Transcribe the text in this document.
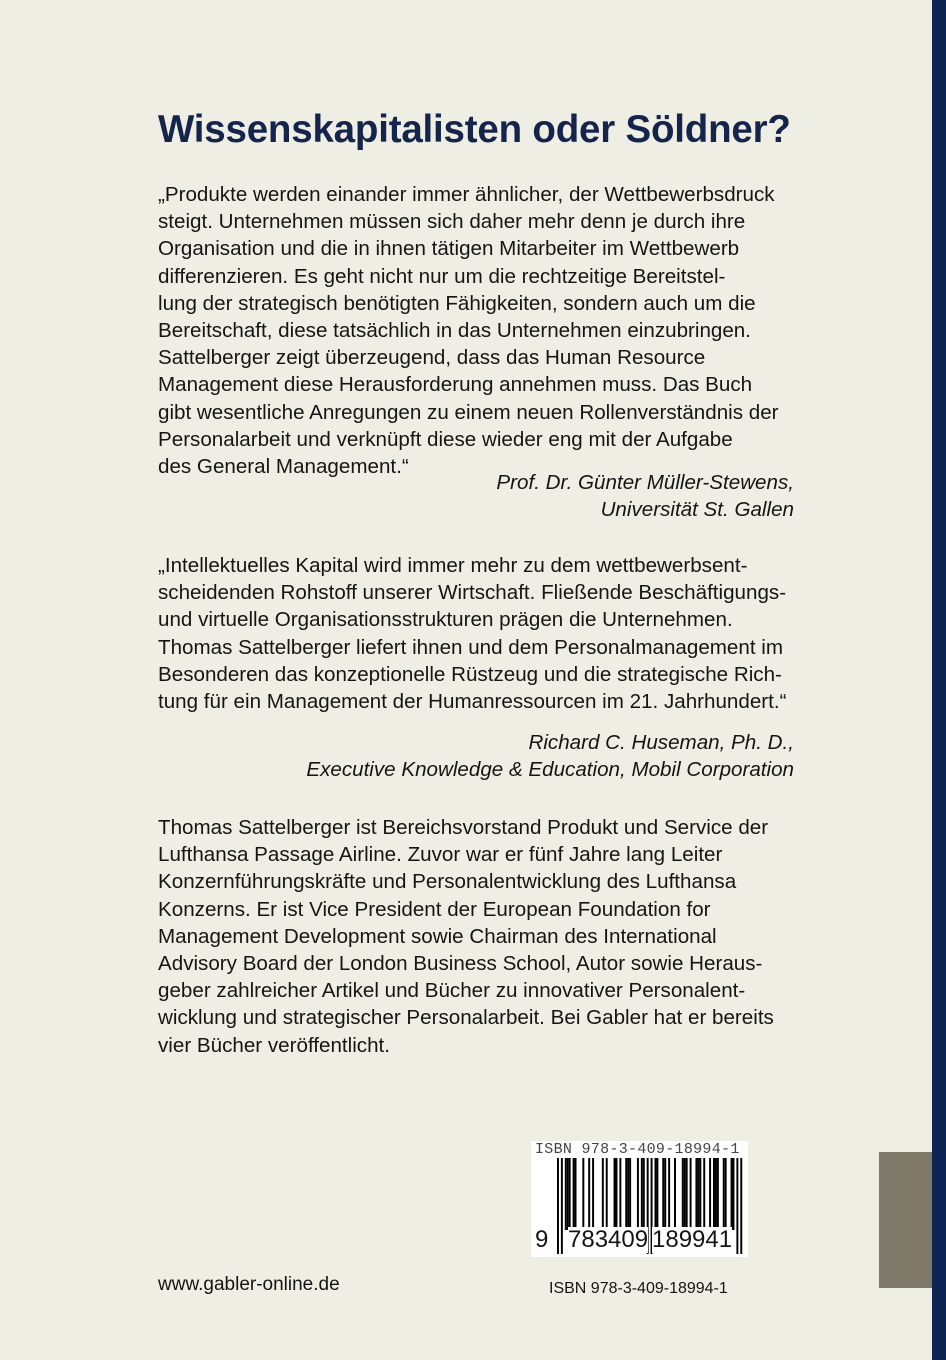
Wissenskapitalisten oder Söldner?
„Produkte werden einander immer ähnlicher, der Wettbewerbsdruck
steigt. Unternehmen müssen sich daher mehr denn je durch ihre
Organisation und die in ihnen tätigen Mitarbeiter im Wettbewerb
differenzieren. Es geht nicht nur um die rechtzeitige Bereitstel-
lung der strategisch benötigten Fähigkeiten, sondern auch um die
Bereitschaft, diese tatsächlich in das Unternehmen einzubringen.
Sattelberger zeigt überzeugend, dass das Human Resource
Management diese Herausforderung annehmen muss. Das Buch
gibt wesentliche Anregungen zu einem neuen Rollenverständnis der
Personalarbeit und verknüpft diese wieder eng mit der Aufgabe
des General Management.“
Prof. Dr. Günter Müller-Stewens,
Universität St. Gallen
„Intellektuelles Kapital wird immer mehr zu dem wettbewerbsent-
scheidenden Rohstoff unserer Wirtschaft. Fließende Beschäftigungs-
und virtuelle Organisationsstrukturen prägen die Unternehmen.
Thomas Sattelberger liefert ihnen und dem Personalmanagement im
Besonderen das konzeptionelle Rüstzeug und die strategische Rich-
tung für ein Management der Humanressourcen im 21. Jahrhundert.“
Richard C. Huseman, Ph. D.,
Executive Knowledge & Education, Mobil Corporation
Thomas Sattelberger ist Bereichsvorstand Produkt und Service der
Lufthansa Passage Airline. Zuvor war er fünf Jahre lang Leiter
Konzernführungskräfte und Personalentwicklung des Lufthansa
Konzerns. Er ist Vice President der European Foundation for
Management Development sowie Chairman des International
Advisory Board der London Business School, Autor sowie Heraus-
geber zahlreicher Artikel und Bücher zu innovativer Personalent-
wicklung und strategischer Personalarbeit. Bei Gabler hat er bereits
vier Bücher veröffentlicht.
ISBN 978-3-409-18994-1
9 783409 189941
www.gabler-online.de	ISBN 978-3-409-18994-1
